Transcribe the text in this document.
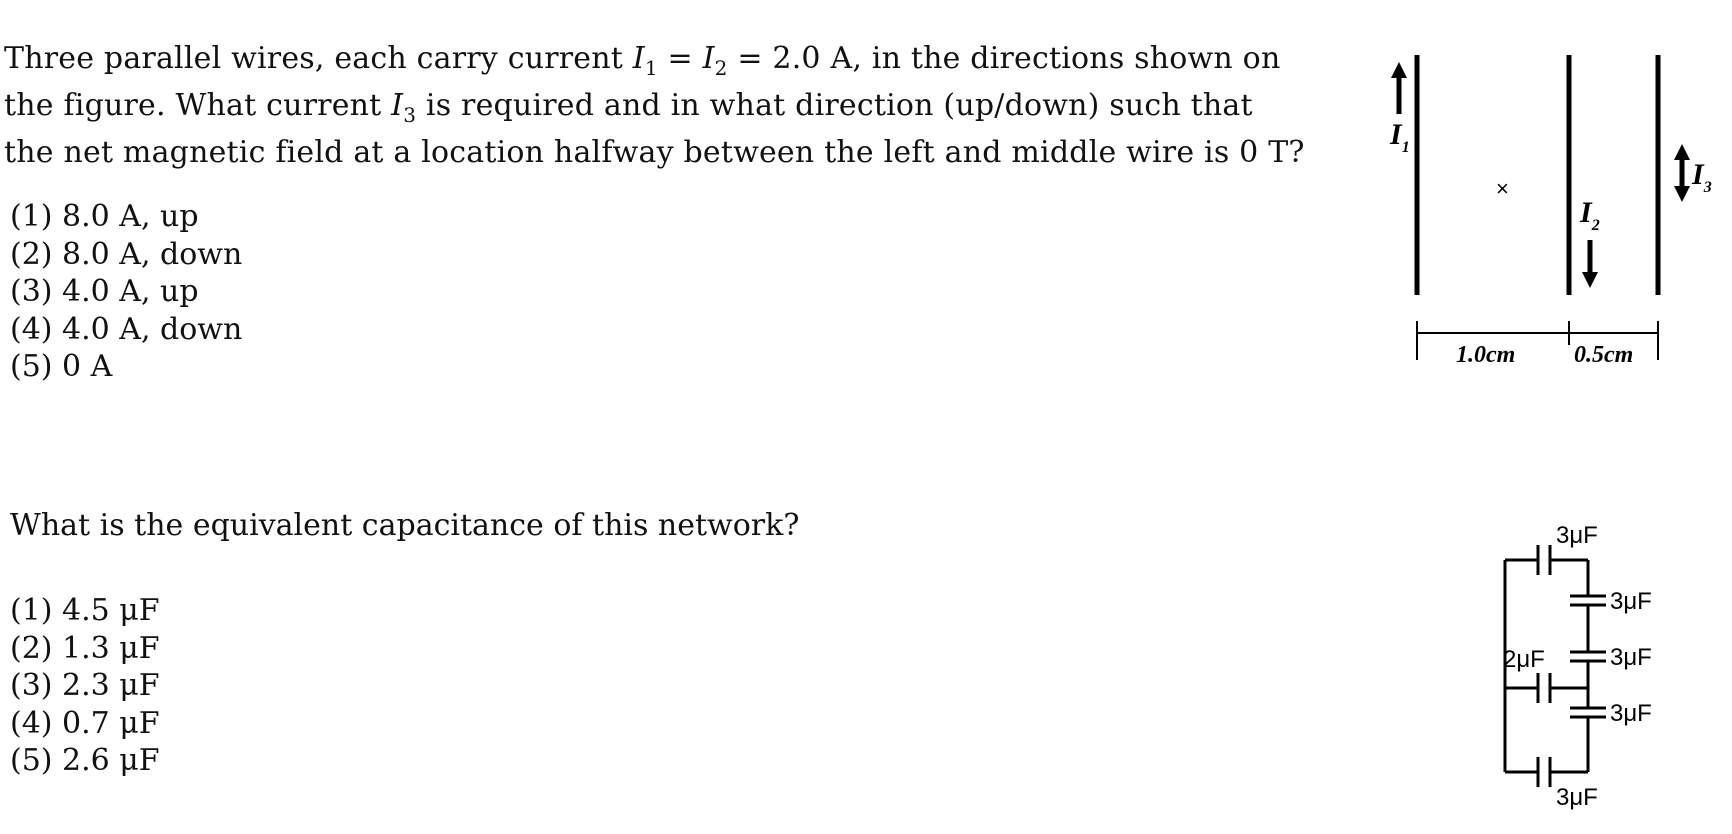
Three parallel wires, each carry current $I_1 = I_2 = 2.0$ A, in the directions shown on
the figure. What current $I_3$ is required and in what direction (up/down) such that
the net magnetic field at a location halfway between the left and middle wire is 0 T?
(1) 8.0 A, up
(2) 8.0 A, down
(3) 4.0 A, up
(4) 4.0 A, down
(5) 0 A
$I_1$
×
$I_2$
$I_3$
1.0cm 0.5cm
What is the equivalent capacitance of this network?
(1) 4.5 μF
(2) 1.3 μF
(3) 2.3 μF
(4) 0.7 μF
(5) 2.6 μF
3μF
3μF
3μF
3μF
2μF
3μF
